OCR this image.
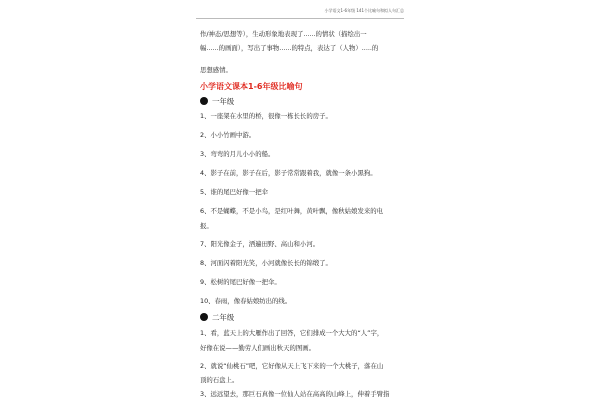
小学语文1-6年级 141个比喻句和拟人句汇总
作/神态/思想等），生动形象地表现了......的情状（描绘出一
幅......的画面），写出了事物......的特点，表达了（人物）.....的
思想感情。
小学语文课本1-6年级比喻句
一年级
1、一座架在水里的桥，很像一栋长长的房子。
2、小小竹画中游。
3、弯弯的月儿小小的船。
4、影子在前，影子在后，影子常常跟着我，就像一条小黑狗。
5、谁的尾巴好像一把伞
6、不是蝴蝶，不是小鸟，是红叶舞，黄叶飘，像秋姑娘发来的电
报。
7、阳光像金子，洒遍田野、高山和小河。
8、河面闪着阳光笑，小河就像长长的锦缎了。
9、松树的尾巴好像一把伞。
10、春雨，像春姑娘纺出的线。
二年级
1、看，蓝天上的大雁作出了回答，它们排成一个大大的“人”字，
好像在说——勤劳人们画出秋天的图画。
2、就说“仙桃石”吧，它好像从天上飞下来的一个大桃子，落在山
顶的石盘上。
3、远远望去，那巨石真像一位仙人站在高高的山峰上，伸着手臂指
